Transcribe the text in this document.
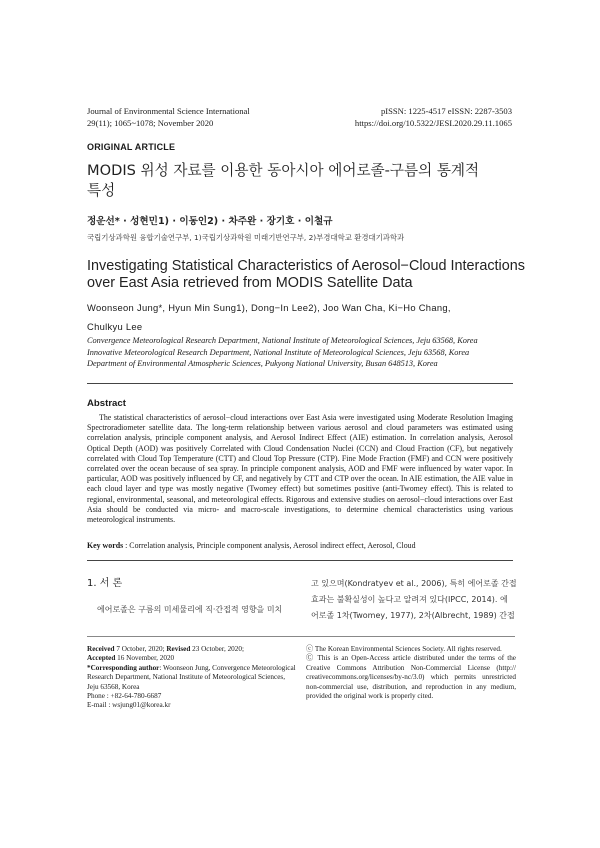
Journal of Environmental Science International
29(11); 1065~1078; November 2020
pISSN: 1225-4517 eISSN: 2287-3503
https://doi.org/10.5322/JESI.2020.29.11.1065
ORIGINAL ARTICLE
MODIS 위성 자료를 이용한 동아시아 에어로졸-구름의 통계적
특성
정운선* · 성현민1) · 이동인2) · 차주완 · 장기호 · 이철규
국립기상과학원 융합기술연구부, 1)국립기상과학원 미래기반연구부, 2)부경대학교 환경대기과학과
Investigating Statistical Characteristics of Aerosol−Cloud Interactions
over East Asia retrieved from MODIS Satellite Data
Woonseon Jung*, Hyun Min Sung1), Dong−In Lee2), Joo Wan Cha, Ki−Ho Chang,
Chulkyu Lee
Convergence Meteorological Research Department, National Institute of Meteorological Sciences, Jeju 63568, Korea
Innovative Meteorological Research Department, National Institute of Meteorological Sciences, Jeju 63568, Korea
Department of Environmental Atmospheric Sciences, Pukyong National University, Busan 648513, Korea
Abstract
The statistical characteristics of aerosol−cloud interactions over East Asia were investigated using Moderate Resolution Imaging Spectroradiometer satellite data. The long-term relationship between various aerosol and cloud parameters was estimated using correlation analysis, principle component analysis, and Aerosol Indirect Effect (AIE) estimation. In correlation analysis, Aerosol Optical Depth (AOD) was positively Correlated with Cloud Condensation Nuclei (CCN) and Cloud Fraction (CF), but negatively correlated with Cloud Top Temperature (CTT) and Cloud Top Pressure (CTP). Fine Mode Fraction (FMF) and CCN were positively correlated over the ocean because of sea spray. In principle component analysis, AOD and FMF were influenced by water vapor. In particular, AOD was positively influenced by CF, and negatively by CTT and CTP over the ocean. In AIE estimation, the AIE value in each cloud layer and type was mostly negative (Twomey effect) but sometimes positive (anti-Twomey effect). This is related to regional, environmental, seasonal, and meteorological effects. Rigorous and extensive studies on aerosol−cloud interactions over East Asia should be conducted via micro- and macro-scale investigations, to determine chemical characteristics using various meteorological instruments.
Key words : Correlation analysis, Principle component analysis, Aerosol indirect effect, Aerosol, Cloud
1. 서 론
에어로졸은 구름의 미세물리에 직·간접적 영향을 미치
고 있으며(Kondratyev et al., 2006), 특히 에어로졸 간접
효과는 불확실성이 높다고 알려져 있다(IPCC, 2014). 에
어로졸 1차(Twomey, 1977), 2차(Albrecht, 1989) 간접
Received 7 October, 2020; Revised 23 October, 2020;
Accepted 16 November, 2020
*Corresponding author: Woonseon Jung, Convergence Meteorological Research Department, National Institute of Meteorological Sciences, Jeju 63568, Korea
Phone : +82-64-780-6687
E-mail : wsjung01@korea.kr
ⓒ The Korean Environmental Sciences Society. All rights reserved.
Ⓒ This is an Open-Access article distributed under the terms of the Creative Commons Attribution Non-Commercial License (http:// creativecommons.org/licenses/by-nc/3.0) which permits unrestricted non-commercial use, distribution, and reproduction in any medium, provided the original work is properly cited.
